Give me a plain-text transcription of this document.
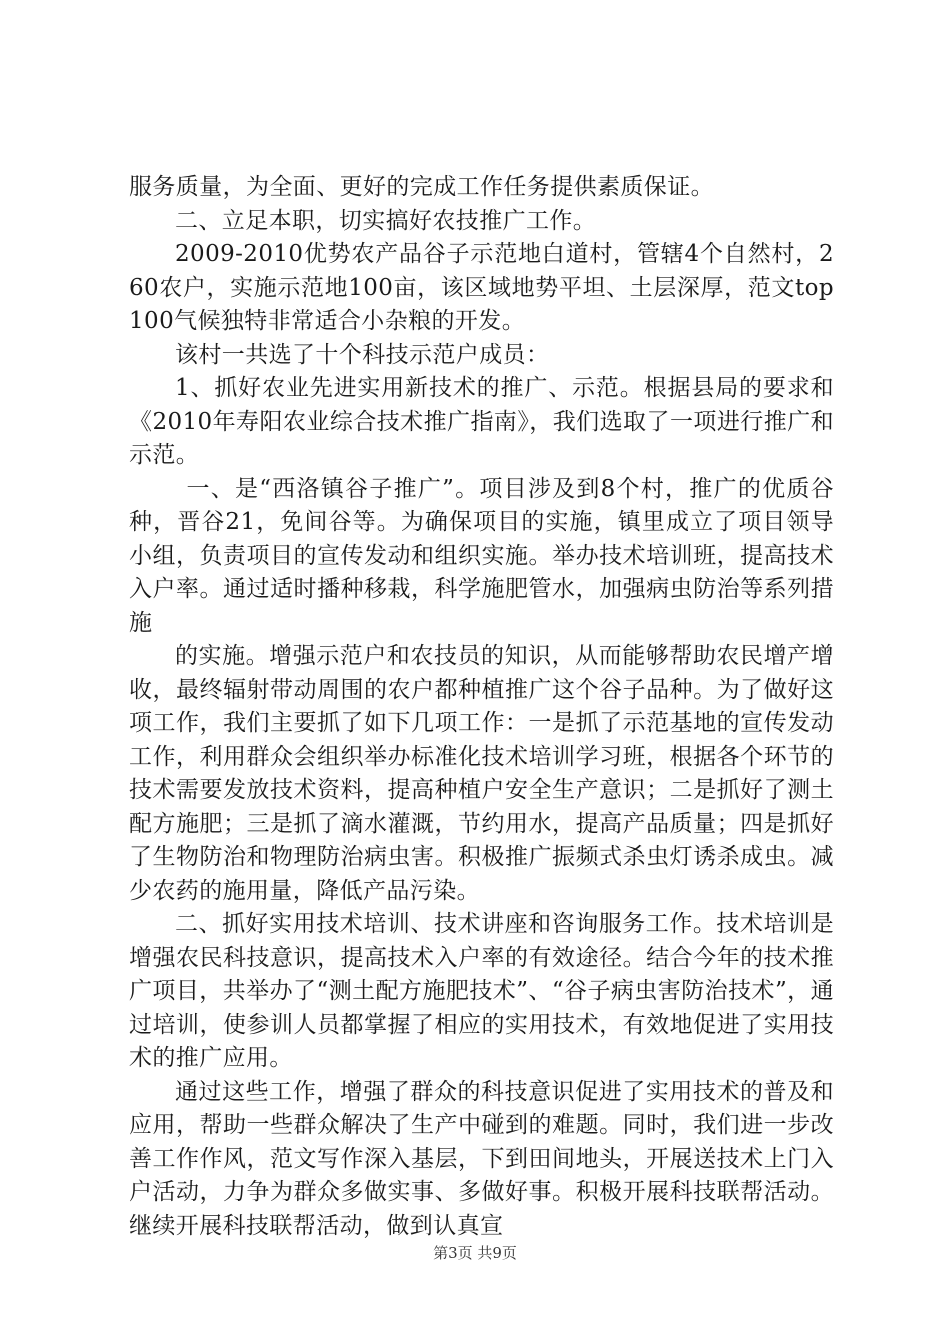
服务质量，为全面、更好的完成工作任务提供素质保证。

二、立足本职，切实搞好农技推广工作。

2009-2010优势农产品谷子示范地白道村，管辖4个自然村，260农户，实施示范地100亩，该区域地势平坦、土层深厚，范文top100气候独特非常适合小杂粮的开发。

该村一共选了十个科技示范户成员：

1、抓好农业先进实用新技术的推广、示范。根据县局的要求和《2010年寿阳农业综合技术推广指南》，我们选取了一项进行推广和示范。

一、是“西洛镇谷子推广”。项目涉及到8个村，推广的优质谷种，晋谷21，免间谷等。为确保项目的实施，镇里成立了项目领导小组，负责项目的宣传发动和组织实施。举办技术培训班，提高技术入户率。通过适时播种移栽，科学施肥管水，加强病虫防治等系列措施

的实施。增强示范户和农技员的知识，从而能够帮助农民增产增收，最终辐射带动周围的农户都种植推广这个谷子品种。为了做好这项工作，我们主要抓了如下几项工作：一是抓了示范基地的宣传发动工作，利用群众会组织举办标准化技术培训学习班，根据各个环节的技术需要发放技术资料，提高种植户安全生产意识；二是抓好了测土配方施肥；三是抓了滴水灌溉，节约用水，提高产品质量；四是抓好了生物防治和物理防治病虫害。积极推广振频式杀虫灯诱杀成虫。减少农药的施用量，降低产品污染。

二、抓好实用技术培训、技术讲座和咨询服务工作。技术培训是增强农民科技意识，提高技术入户率的有效途径。结合今年的技术推广项目，共举办了“测土配方施肥技术”、“谷子病虫害防治技术”，通过培训，使参训人员都掌握了相应的实用技术，有效地促进了实用技术的推广应用。

通过这些工作，增强了群众的科技意识促进了实用技术的普及和应用，帮助一些群众解决了生产中碰到的难题。同时，我们进一步改善工作作风，范文写作深入基层，下到田间地头，开展送技术上门入户活动，力争为群众多做实事、多做好事。积极开展科技联帮活动。继续开展科技联帮活动，做到认真宣

第3页 共9页
